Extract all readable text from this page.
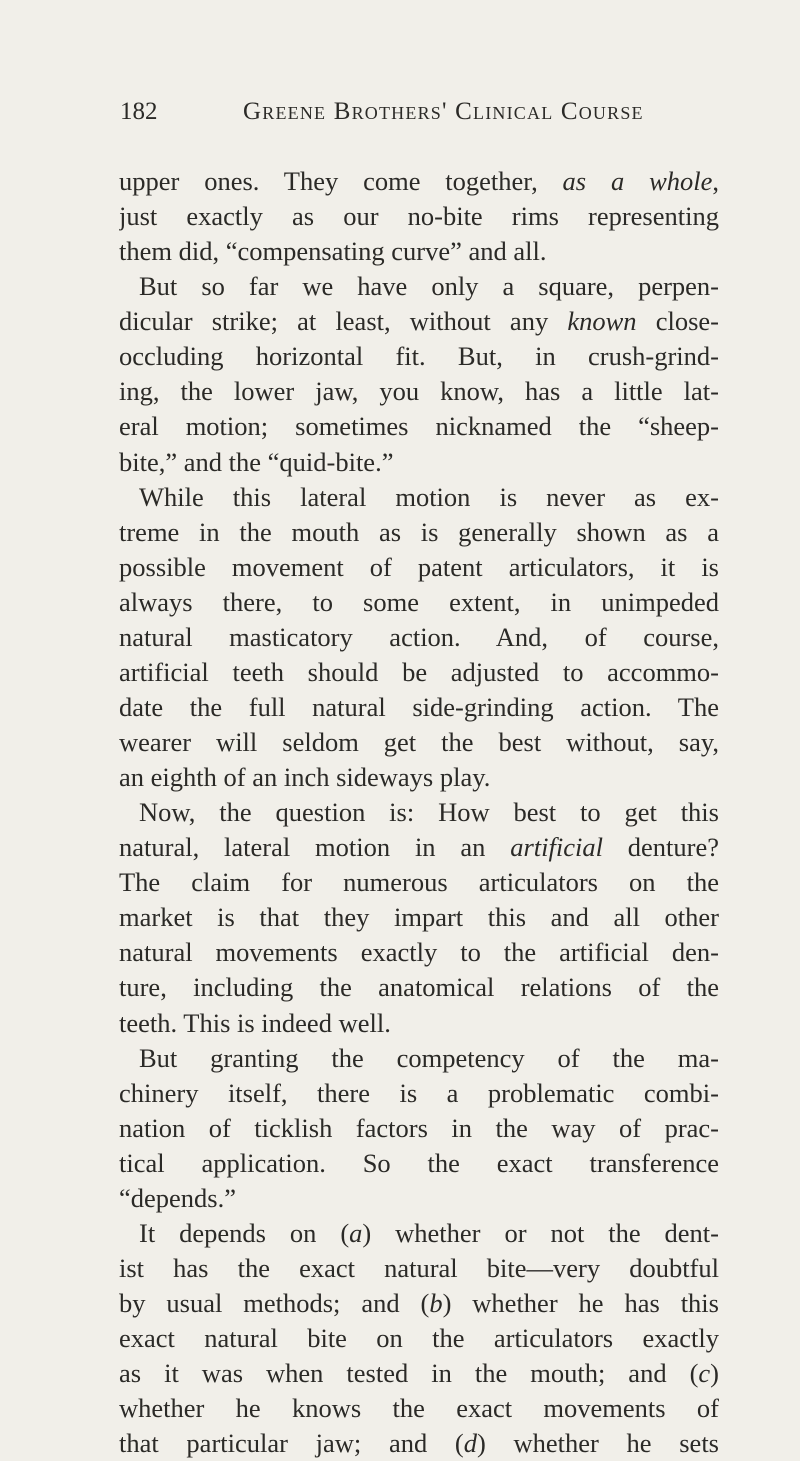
182	Greene Brothers' Clinical Course
upper ones. They come together, as a whole,
just exactly as our no-bite rims representing
them did, “compensating curve” and all.
But so far we have only a square, perpen-
dicular strike; at least, without any known close-
occluding horizontal fit. But, in crush-grind-
ing, the lower jaw, you know, has a little lat-
eral motion; sometimes nicknamed the “sheep-
bite,” and the “quid-bite.”
While this lateral motion is never as ex-
treme in the mouth as is generally shown as a
possible movement of patent articulators, it is
always there, to some extent, in unimpeded
natural masticatory action. And, of course,
artificial teeth should be adjusted to accommo-
date the full natural side-grinding action. The
wearer will seldom get the best without, say,
an eighth of an inch sideways play.
Now, the question is: How best to get this
natural, lateral motion in an artificial denture?
The claim for numerous articulators on the
market is that they impart this and all other
natural movements exactly to the artificial den-
ture, including the anatomical relations of the
teeth. This is indeed well.
But granting the competency of the ma-
chinery itself, there is a problematic combi-
nation of ticklish factors in the way of prac-
tical application. So the exact transference
“depends.”
It depends on (a) whether or not the dent-
ist has the exact natural bite—very doubtful
by usual methods; and (b) whether he has this
exact natural bite on the articulators exactly
as it was when tested in the mouth; and (c)
whether he knows the exact movements of
that particular jaw; and (d) whether he sets
